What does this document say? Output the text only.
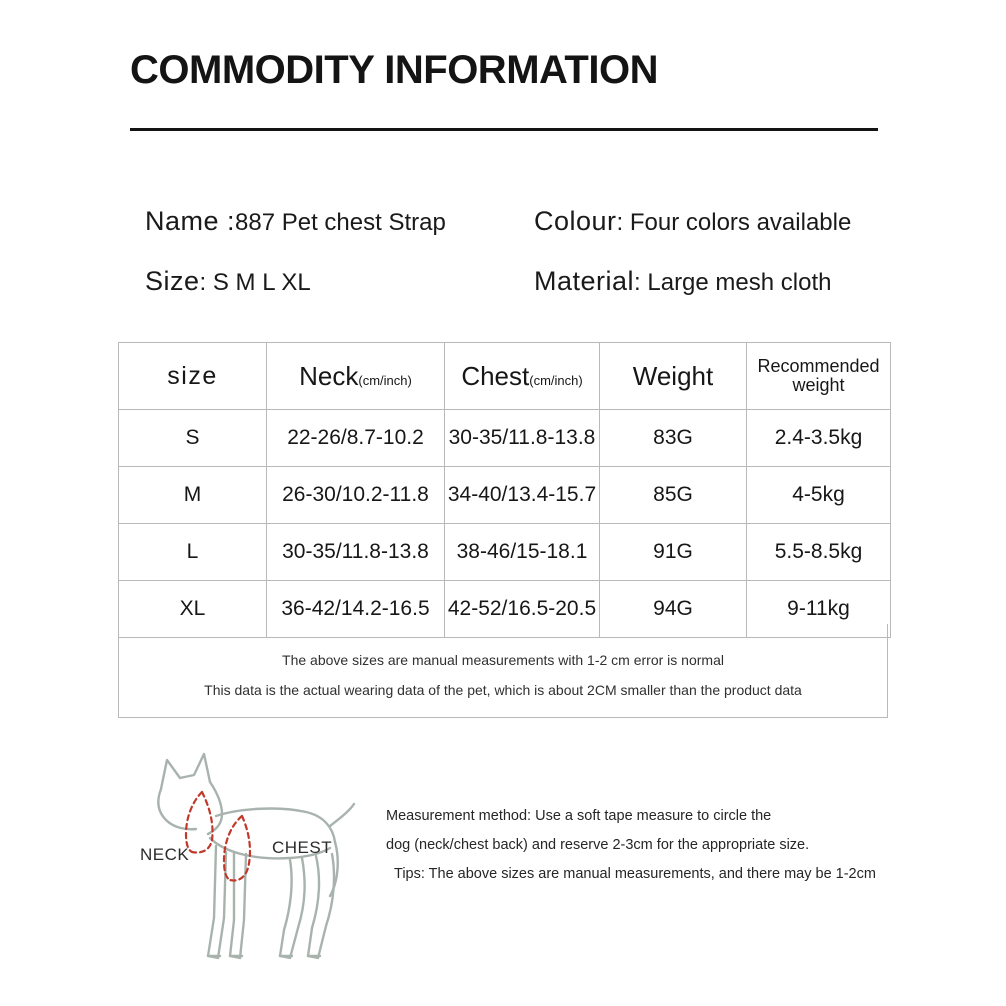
COMMODITY INFORMATION
Name :887 Pet chest Strap	Colour: Four colors available
Size: S M L XL	Material: Large mesh cloth
size	Neck(cm/inch)	Chest(cm/inch)	Weight	Recommended
weight

S	22-26/8.7-10.2	30-35/11.8-13.8	83G	2.4-3.5kg
M	26-30/10.2-11.8	34-40/13.4-15.7	85G	4-5kg
L	30-35/11.8-13.8	38-46/15-18.1	91G	5.5-8.5kg
XL	36-42/14.2-16.5	42-52/16.5-20.5	94G	9-11kg
The above sizes are manual measurements with 1-2 cm error is normal
This data is the actual wearing data of the pet, which is about 2CM smaller than the product data
NECK	CHEST
Measurement method: Use a soft tape measure to circle the
dog (neck/chest back) and reserve 2-3cm for the appropriate size.
Tips: The above sizes are manual measurements, and there may be 1-2cm
